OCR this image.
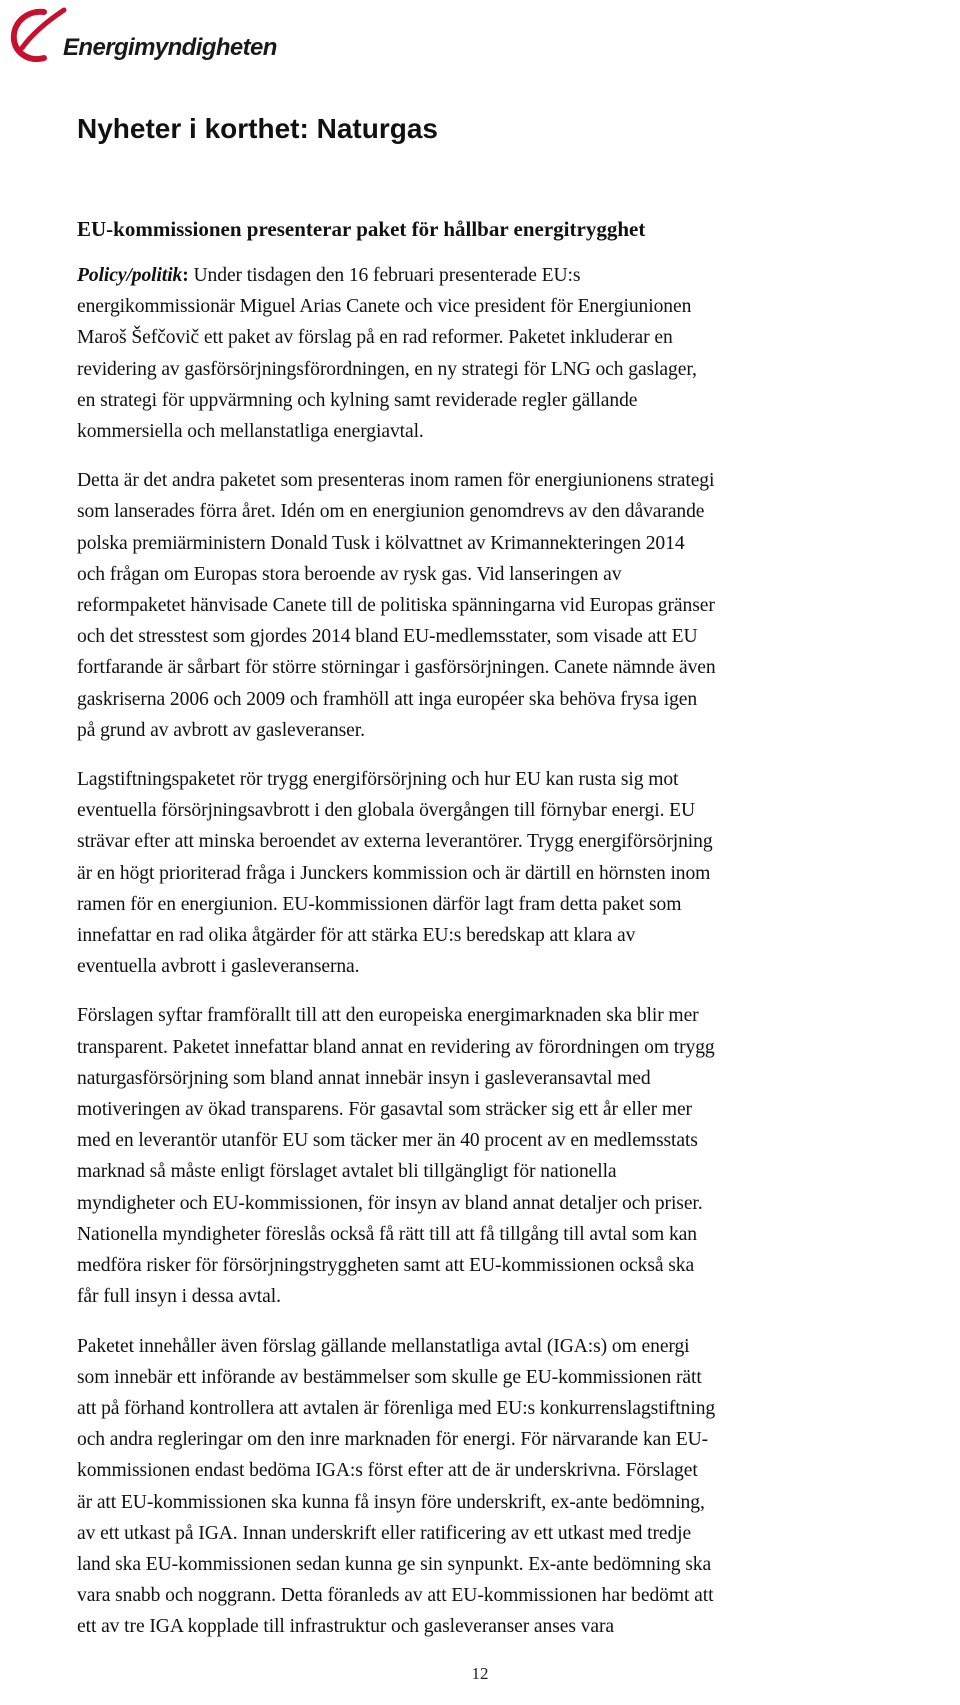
Energimyndigheten
Nyheter i korthet: Naturgas
EU-kommissionen presenterar paket för hållbar energitrygghet

Policy/politik: Under tisdagen den 16 februari presenterade EU:s
energikommissionär Miguel Arias Canete och vice president för Energiunionen
Maroš Šefčovič ett paket av förslag på en rad reformer. Paketet inkluderar en
revidering av gasförsörjningsförordningen, en ny strategi för LNG och gaslager,
en strategi för uppvärmning och kylning samt reviderade regler gällande
kommersiella och mellanstatliga energiavtal.

Detta är det andra paketet som presenteras inom ramen för energiunionens strategi
som lanserades förra året. Idén om en energiunion genomdrevs av den dåvarande
polska premiärministern Donald Tusk i kölvattnet av Krimannekteringen 2014
och frågan om Europas stora beroende av rysk gas. Vid lanseringen av
reformpaketet hänvisade Canete till de politiska spänningarna vid Europas gränser
och det stresstest som gjordes 2014 bland EU-medlemsstater, som visade att EU
fortfarande är sårbart för större störningar i gasförsörjningen. Canete nämnde även
gaskriserna 2006 och 2009 och framhöll att inga européer ska behöva frysa igen
på grund av avbrott av gasleveranser.

Lagstiftningspaketet rör trygg energiförsörjning och hur EU kan rusta sig mot
eventuella försörjningsavbrott i den globala övergången till förnybar energi. EU
strävar efter att minska beroendet av externa leverantörer. Trygg energiförsörjning
är en högt prioriterad fråga i Junckers kommission och är därtill en hörnsten inom
ramen för en energiunion. EU-kommissionen därför lagt fram detta paket som
innefattar en rad olika åtgärder för att stärka EU:s beredskap att klara av
eventuella avbrott i gasleveranserna.

Förslagen syftar framförallt till att den europeiska energimarknaden ska blir mer
transparent. Paketet innefattar bland annat en revidering av förordningen om trygg
naturgasförsörjning som bland annat innebär insyn i gasleveransavtal med
motiveringen av ökad transparens. För gasavtal som sträcker sig ett år eller mer
med en leverantör utanför EU som täcker mer än 40 procent av en medlemsstats
marknad så måste enligt förslaget avtalet bli tillgängligt för nationella
myndigheter och EU-kommissionen, för insyn av bland annat detaljer och priser.
Nationella myndigheter föreslås också få rätt till att få tillgång till avtal som kan
medföra risker för försörjningstryggheten samt att EU-kommissionen också ska
får full insyn i dessa avtal.

Paketet innehåller även förslag gällande mellanstatliga avtal (IGA:s) om energi
som innebär ett införande av bestämmelser som skulle ge EU-kommissionen rätt
att på förhand kontrollera att avtalen är förenliga med EU:s konkurrenslagstiftning
och andra regleringar om den inre marknaden för energi. För närvarande kan EU-
kommissionen endast bedöma IGA:s först efter att de är underskrivna. Förslaget
är att EU-kommissionen ska kunna få insyn före underskrift, ex-ante bedömning,
av ett utkast på IGA. Innan underskrift eller ratificering av ett utkast med tredje
land ska EU-kommissionen sedan kunna ge sin synpunkt. Ex-ante bedömning ska
vara snabb och noggrann. Detta föranleds av att EU-kommissionen har bedömt att
ett av tre IGA kopplade till infrastruktur och gasleveranser anses vara

12
